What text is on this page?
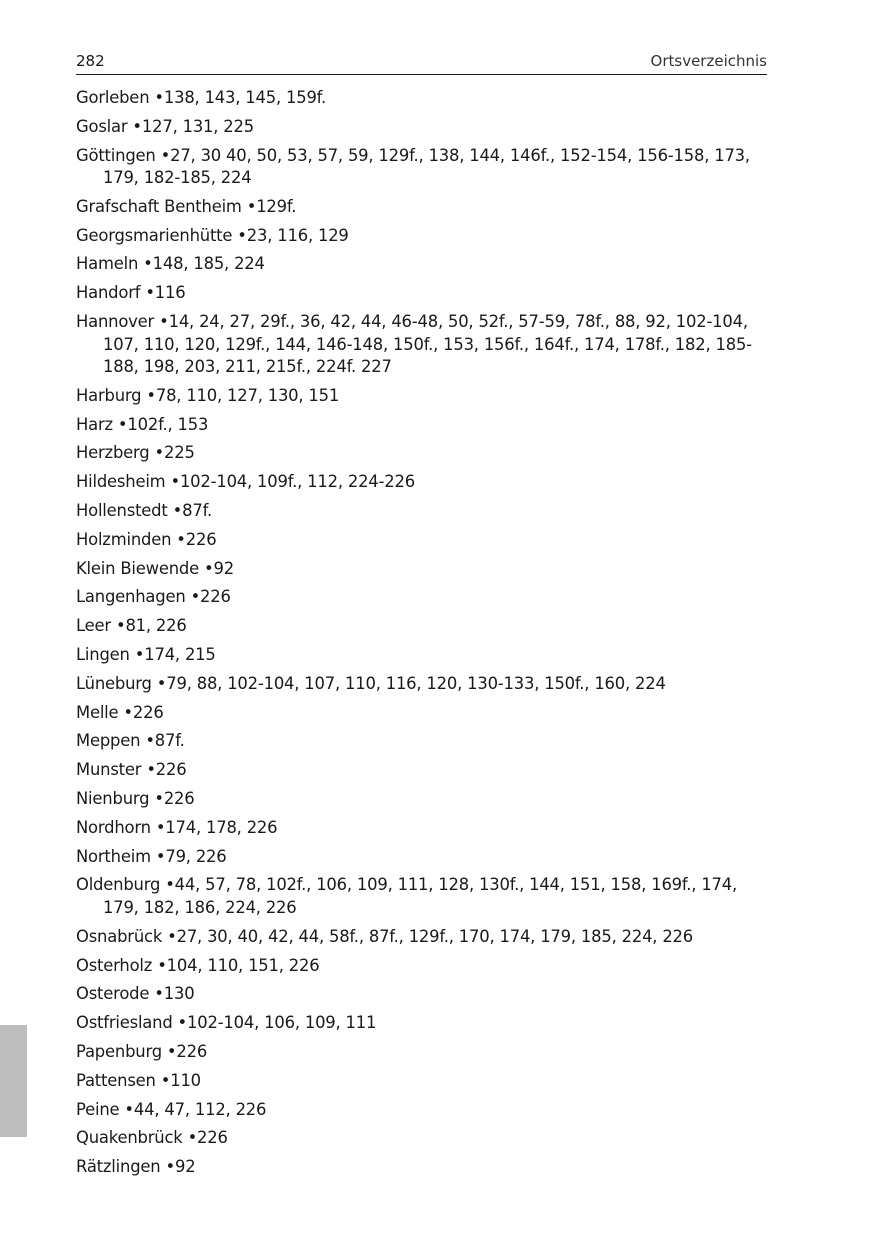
282	Ortsverzeichnis
Gorleben • 138, 143, 145, 159f.
Goslar • 127, 131, 225
Göttingen • 27, 30 40, 50, 53, 57, 59, 129f., 138, 144, 146f., 152-154, 156-158, 173, 179, 182-185, 224
Grafschaft Bentheim • 129f.
Georgsmarienhütte • 23, 116, 129
Hameln • 148, 185, 224
Handorf • 116
Hannover • 14, 24, 27, 29f., 36, 42, 44, 46-48, 50, 52f., 57-59, 78f., 88, 92, 102-104, 107, 110, 120, 129f., 144, 146-148, 150f., 153, 156f., 164f., 174, 178f., 182, 185-188, 198, 203, 211, 215f., 224f. 227
Harburg • 78, 110, 127, 130, 151
Harz • 102f., 153
Herzberg • 225
Hildesheim • 102-104, 109f., 112, 224-226
Hollenstedt • 87f.
Holzminden • 226
Klein Biewende • 92
Langenhagen • 226
Leer • 81, 226
Lingen • 174, 215
Lüneburg • 79, 88, 102-104, 107, 110, 116, 120, 130-133, 150f., 160, 224
Melle • 226
Meppen • 87f.
Munster • 226
Nienburg • 226
Nordhorn • 174, 178, 226
Northeim • 79, 226
Oldenburg • 44, 57, 78, 102f., 106, 109, 111, 128, 130f., 144, 151, 158, 169f., 174, 179, 182, 186, 224, 226
Osnabrück • 27, 30, 40, 42, 44, 58f., 87f., 129f., 170, 174, 179, 185, 224, 226
Osterholz • 104, 110, 151, 226
Osterode • 130
Ostfriesland • 102-104, 106, 109, 111
Papenburg • 226
Pattensen • 110
Peine • 44, 47, 112, 226
Quakenbrück • 226
Rätzlingen • 92
